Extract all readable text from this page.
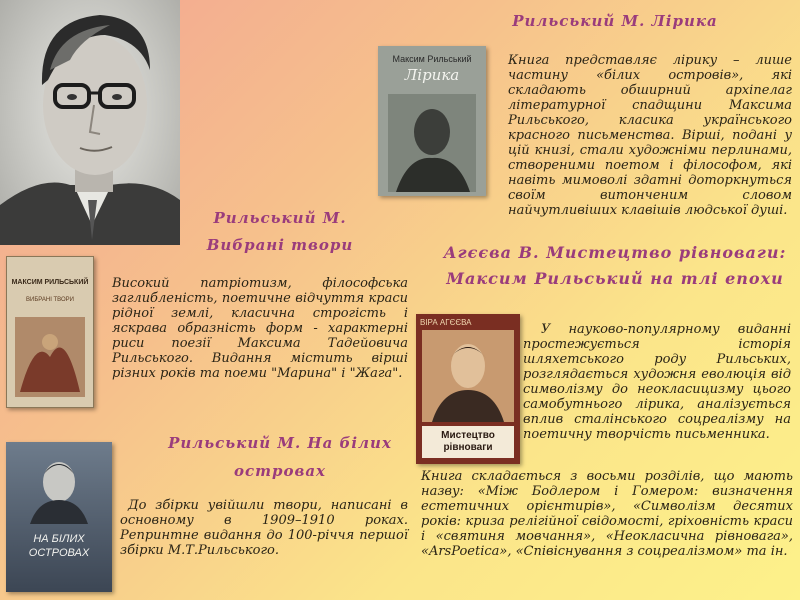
Рильський М. Лірика
Максим Рильський
Лірика
Книга представляє лірику – лише частину «білих островів», які складають обширний архіпелаг літературної спадщини Максима Рильського, класика українського красного письменства. Вірші, подані у цій книзі, стали художніми перлинами, створеними поетом і філософом, які навіть мимоволі здатні доторкнуться своїм витонченим словом найчутливіших клавішів людської душі.
Рильський М.
Вибрані твори
МАКСИМ РИЛЬСЬКИЙ
ВИБРАНІ ТВОРИ
Високий патріотизм, філософська заглибленість, поетичне відчуття краси рідної землі, класична строгість і яскрава образність форм - характерні риси поезії Максима Тадейовича Рильського. Видання містить вірші різних років та поеми "Марина" і "Жага".
Агєєва В. Мистецтво рівноваги:
Максим Рильський на тлі епохи
ВІРА АГЄЄВА
Мистецтво рівноваги
У науково-популярному виданні простежується історія шляхетського роду Рильських, розглядається художня еволюція від символізму до неокласицизму цього самобутнього лірика, аналізується вплив сталінського соцреалізму на поетичну творчість письменника.
Книга складається з восьми розділів, що мають назву: «Між Бодлером і Гомером: визначення естетичних орієнтирів», «Символізм десятих років: криза релігійної свідомості, гріховність краси і «святиня мовчання», «Неокласична рівновага», «ArsPoetica», «Співіснування з соцреалізмом» та ін.
Рильський М. На білих
островах
НА БІЛИХ ОСТРОВАХ
До збірки увійшли твори, написані в основному в 1909–1910 роках. Репринтне видання до 100-річчя першої збірки М.Т.Рильського.
